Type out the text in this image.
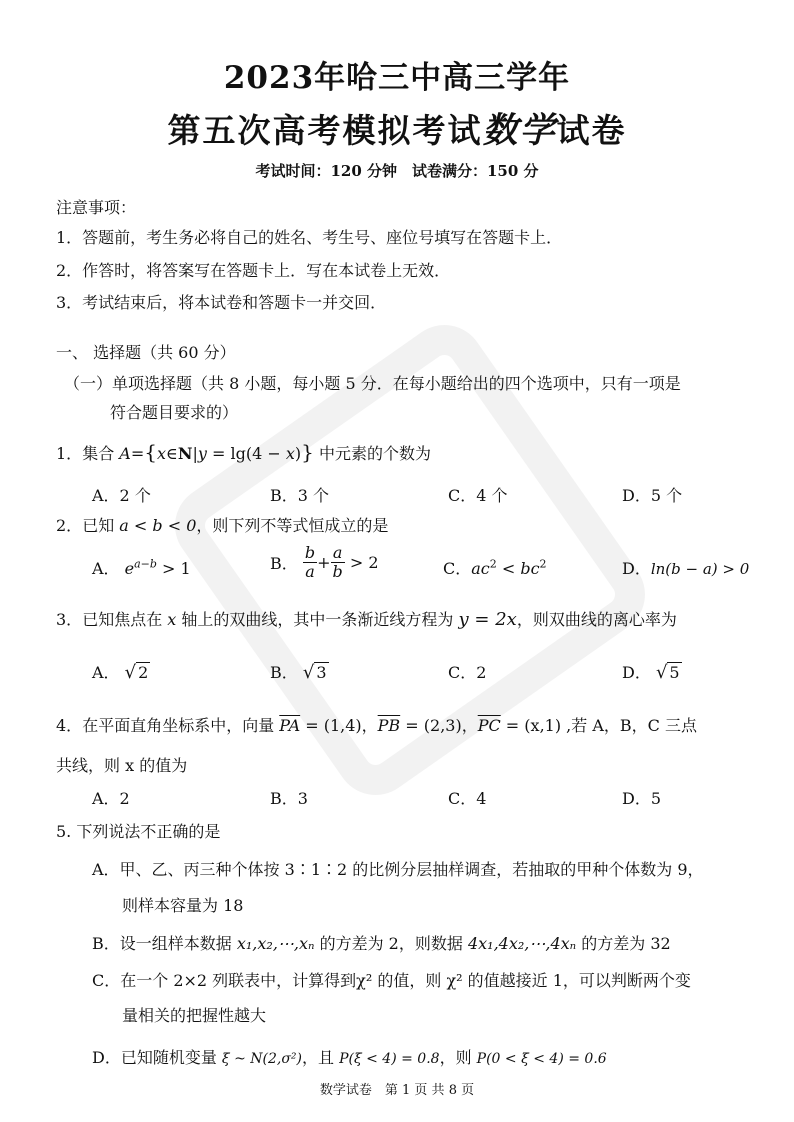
2023年哈三中高三学年
第五次高考模拟考试数学试卷
考试时间：120 分钟　试卷满分：150 分
注意事项：
1．答题前，考生务必将自己的姓名、考生号、座位号填写在答题卡上．
2．作答时，将答案写在答题卡上．写在本试卷上无效．
3．考试结束后，将本试卷和答题卡一并交回．
一、 选择题（共 60 分）
（一）单项选择题（共 8 小题，每小题 5 分．在每小题给出的四个选项中，只有一项是
符合题目要求的）
1．集合 A={x∈N|y = lg(4 − x)} 中元素的个数为
A．2 个	B．3 个	C．4 个	D．5 个
2．已知 a < b < 0，则下列不等式恒成立的是
A． $e^{a-b} > 1$	B． $\frac{b}{a} + \frac{a}{b} > 2$	C．$ac^2 < bc^2$	D．ln(b − a) > 0
3．已知焦点在 x 轴上的双曲线，其中一条渐近线方程为 y = 2x，则双曲线的离心率为
A． √ 2	B． √ 3	C．2	D． √ 5
4．在平面直角坐标系中，向量 $\overline{PA} = (1,4)$，$\overline{PB} = (2,3)$，$\overline{PC} = (x,1)$ ,若 A，B，C 三点
共线，则 x 的值为
A．2	B．3	C．4	D．5
5. 下列说法不正确的是
A．甲、乙、丙三种个体按 3∶1∶2 的比例分层抽样调查，若抽取的甲种个体数为 9，
则样本容量为 18
B．设一组样本数据 x₁,x₂,⋯,xₙ 的方差为 2，则数据 4x₁,4x₂,⋯,4xₙ 的方差为 32
C．在一个 2×2 列联表中，计算得到χ² 的值，则 χ² 的值越接近 1，可以判断两个变
量相关的把握性越大
D．已知随机变量 ξ ~ N(2,σ²)，且 P(ξ < 4) = 0.8，则 P(0 < ξ < 4) = 0.6
数学试卷　第 1 页 共 8 页
